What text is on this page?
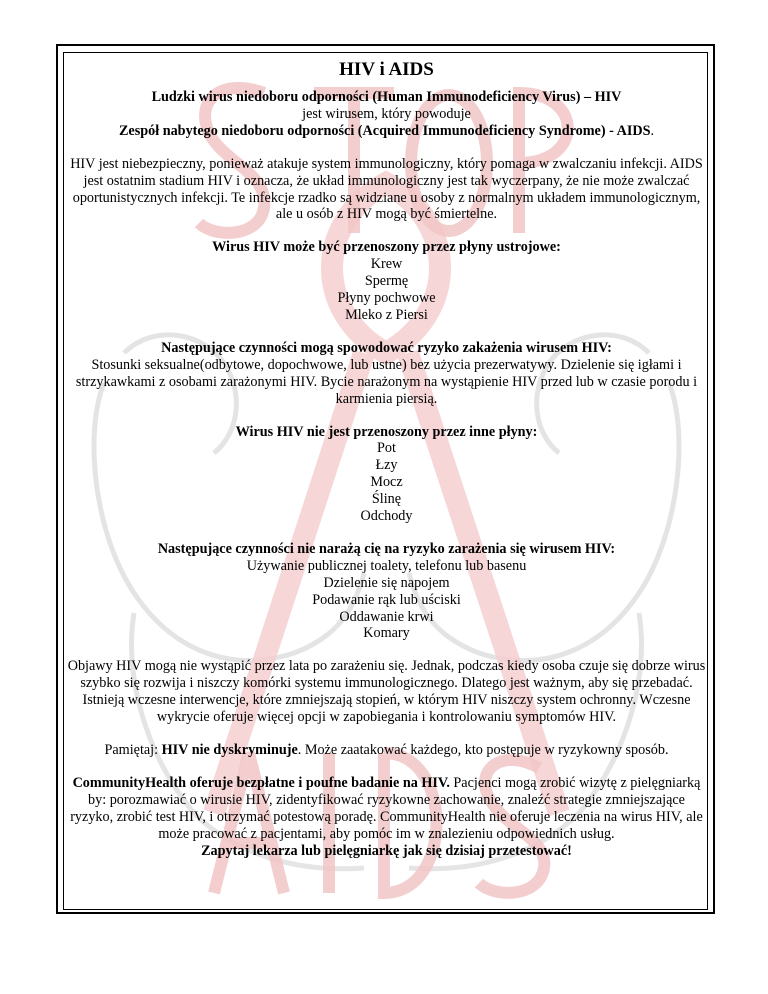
HIV i AIDS

Ludzki wirus niedoboru odporności (Human Immunodeficiency Virus) – HIV

jest wirusem, który powoduje

Zespół nabytego niedoboru odporności (Acquired Immunodeficiency Syndrome) - AIDS.

HIV jest niebezpieczny, ponieważ atakuje system immunologiczny, który pomaga w zwalczaniu infekcji. AIDS jest ostatnim stadium HIV i oznacza, że układ immunologiczny jest tak wyczerpany, że nie może zwalczać oportunistycznych infekcji. Te infekcje rzadko są widziane u osoby z normalnym układem immunologicznym, ale u osób z HIV mogą być śmiertelne.

Wirus HIV może być przenoszony przez płyny ustrojowe:

Krew

Spermę

Płyny pochwowe

Mleko z Piersi

Następujące czynności mogą spowodować ryzyko zakażenia wirusem HIV:

Stosunki seksualne(odbytowe, dopochwowe, lub ustne) bez użycia prezerwatywy. Dzielenie się igłami i strzykawkami z osobami zarażonymi HIV. Bycie narażonym na wystąpienie HIV przed lub w czasie porodu i karmienia piersią.

Wirus HIV nie jest przenoszony przez inne płyny:

Pot

Łzy

Mocz

Ślinę

Odchody

Następujące czynności nie narażą cię na ryzyko zarażenia się wirusem HIV:

Używanie publicznej toalety, telefonu lub basenu

Dzielenie się napojem

Podawanie rąk lub uściski

Oddawanie krwi

Komary

Objawy HIV mogą nie wystąpić przez lata po zarażeniu się. Jednak, podczas kiedy osoba czuje się dobrze wirus szybko się rozwija i niszczy komórki systemu immunologicznego. Dlatego jest ważnym, aby się przebadać. Istnieją wczesne interwencje, które zmniejszają stopień, w którym HIV niszczy system ochronny. Wczesne wykrycie oferuje więcej opcji w zapobiegania i kontrolowaniu symptomów HIV.

Pamiętaj: HIV nie dyskryminuje. Może zaatakować każdego, kto postępuje w ryzykowny sposób.

CommunityHealth oferuje bezpłatne i poufne badanie na HIV. Pacjenci mogą zrobić wizytę z pielęgniarką by: porozmawiać o wirusie HIV, zidentyfikować ryzykowne zachowanie, znaleźć strategie zmniejszające ryzyko, zrobić test HIV, i otrzymać potestową poradę. CommunityHealth nie oferuje leczenia na wirus HIV, ale może pracować z pacjentami, aby pomóc im w znalezieniu odpowiednich usług.

Zapytaj lekarza lub pielęgniarkę jak się dzisiaj przetestować!
